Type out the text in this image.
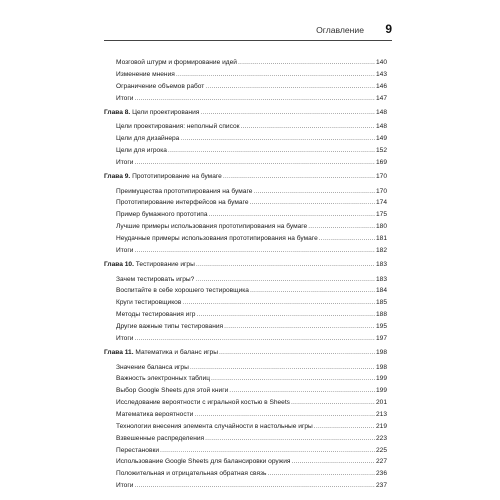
Оглавление 9
Мозговой штурм и формирование идей .....	140
Изменение мнения .....	143
Ограничение объемов работ .....	146
Итоги .....	147
Глава 8. Цели проектирования .....	148
Цели проектирования: неполный список .....	148
Цели для дизайнера .....	149
Цели для игрока .....	152
Итоги .....	169
Глава 9. Прототипирование на бумаге .....	170
Преимущества прототипирования на бумаге .....	170
Прототипирование интерфейсов на бумаге .....	174
Пример бумажного прототипа .....	175
Лучшие примеры использования прототипирования на бумаге .....	180
Неудачные примеры использования прототипирования на бумаге .....	181
Итоги .....	182
Глава 10. Тестирование игры .....	183
Зачем тестировать игры? .....	183
Воспитайте в себе хорошего тестировщика .....	184
Круги тестировщиков .....	185
Методы тестирования игр .....	188
Другие важные типы тестирования .....	195
Итоги .....	197
Глава 11. Математика и баланс игры .....	198
Значение баланса игры .....	198
Важность электронных таблиц .....	199
Выбор Google Sheets для этой книги .....	199
Исследование вероятности с игральной костью в Sheets .....	201
Математика вероятности .....	213
Технологии внесения элемента случайности в настольные игры .....	219
Взвешенные распределения .....	223
Перестановки .....	225
Использование Google Sheets для балансировки оружия .....	227
Положительная и отрицательная обратная связь .....	236
Итоги .....	237
